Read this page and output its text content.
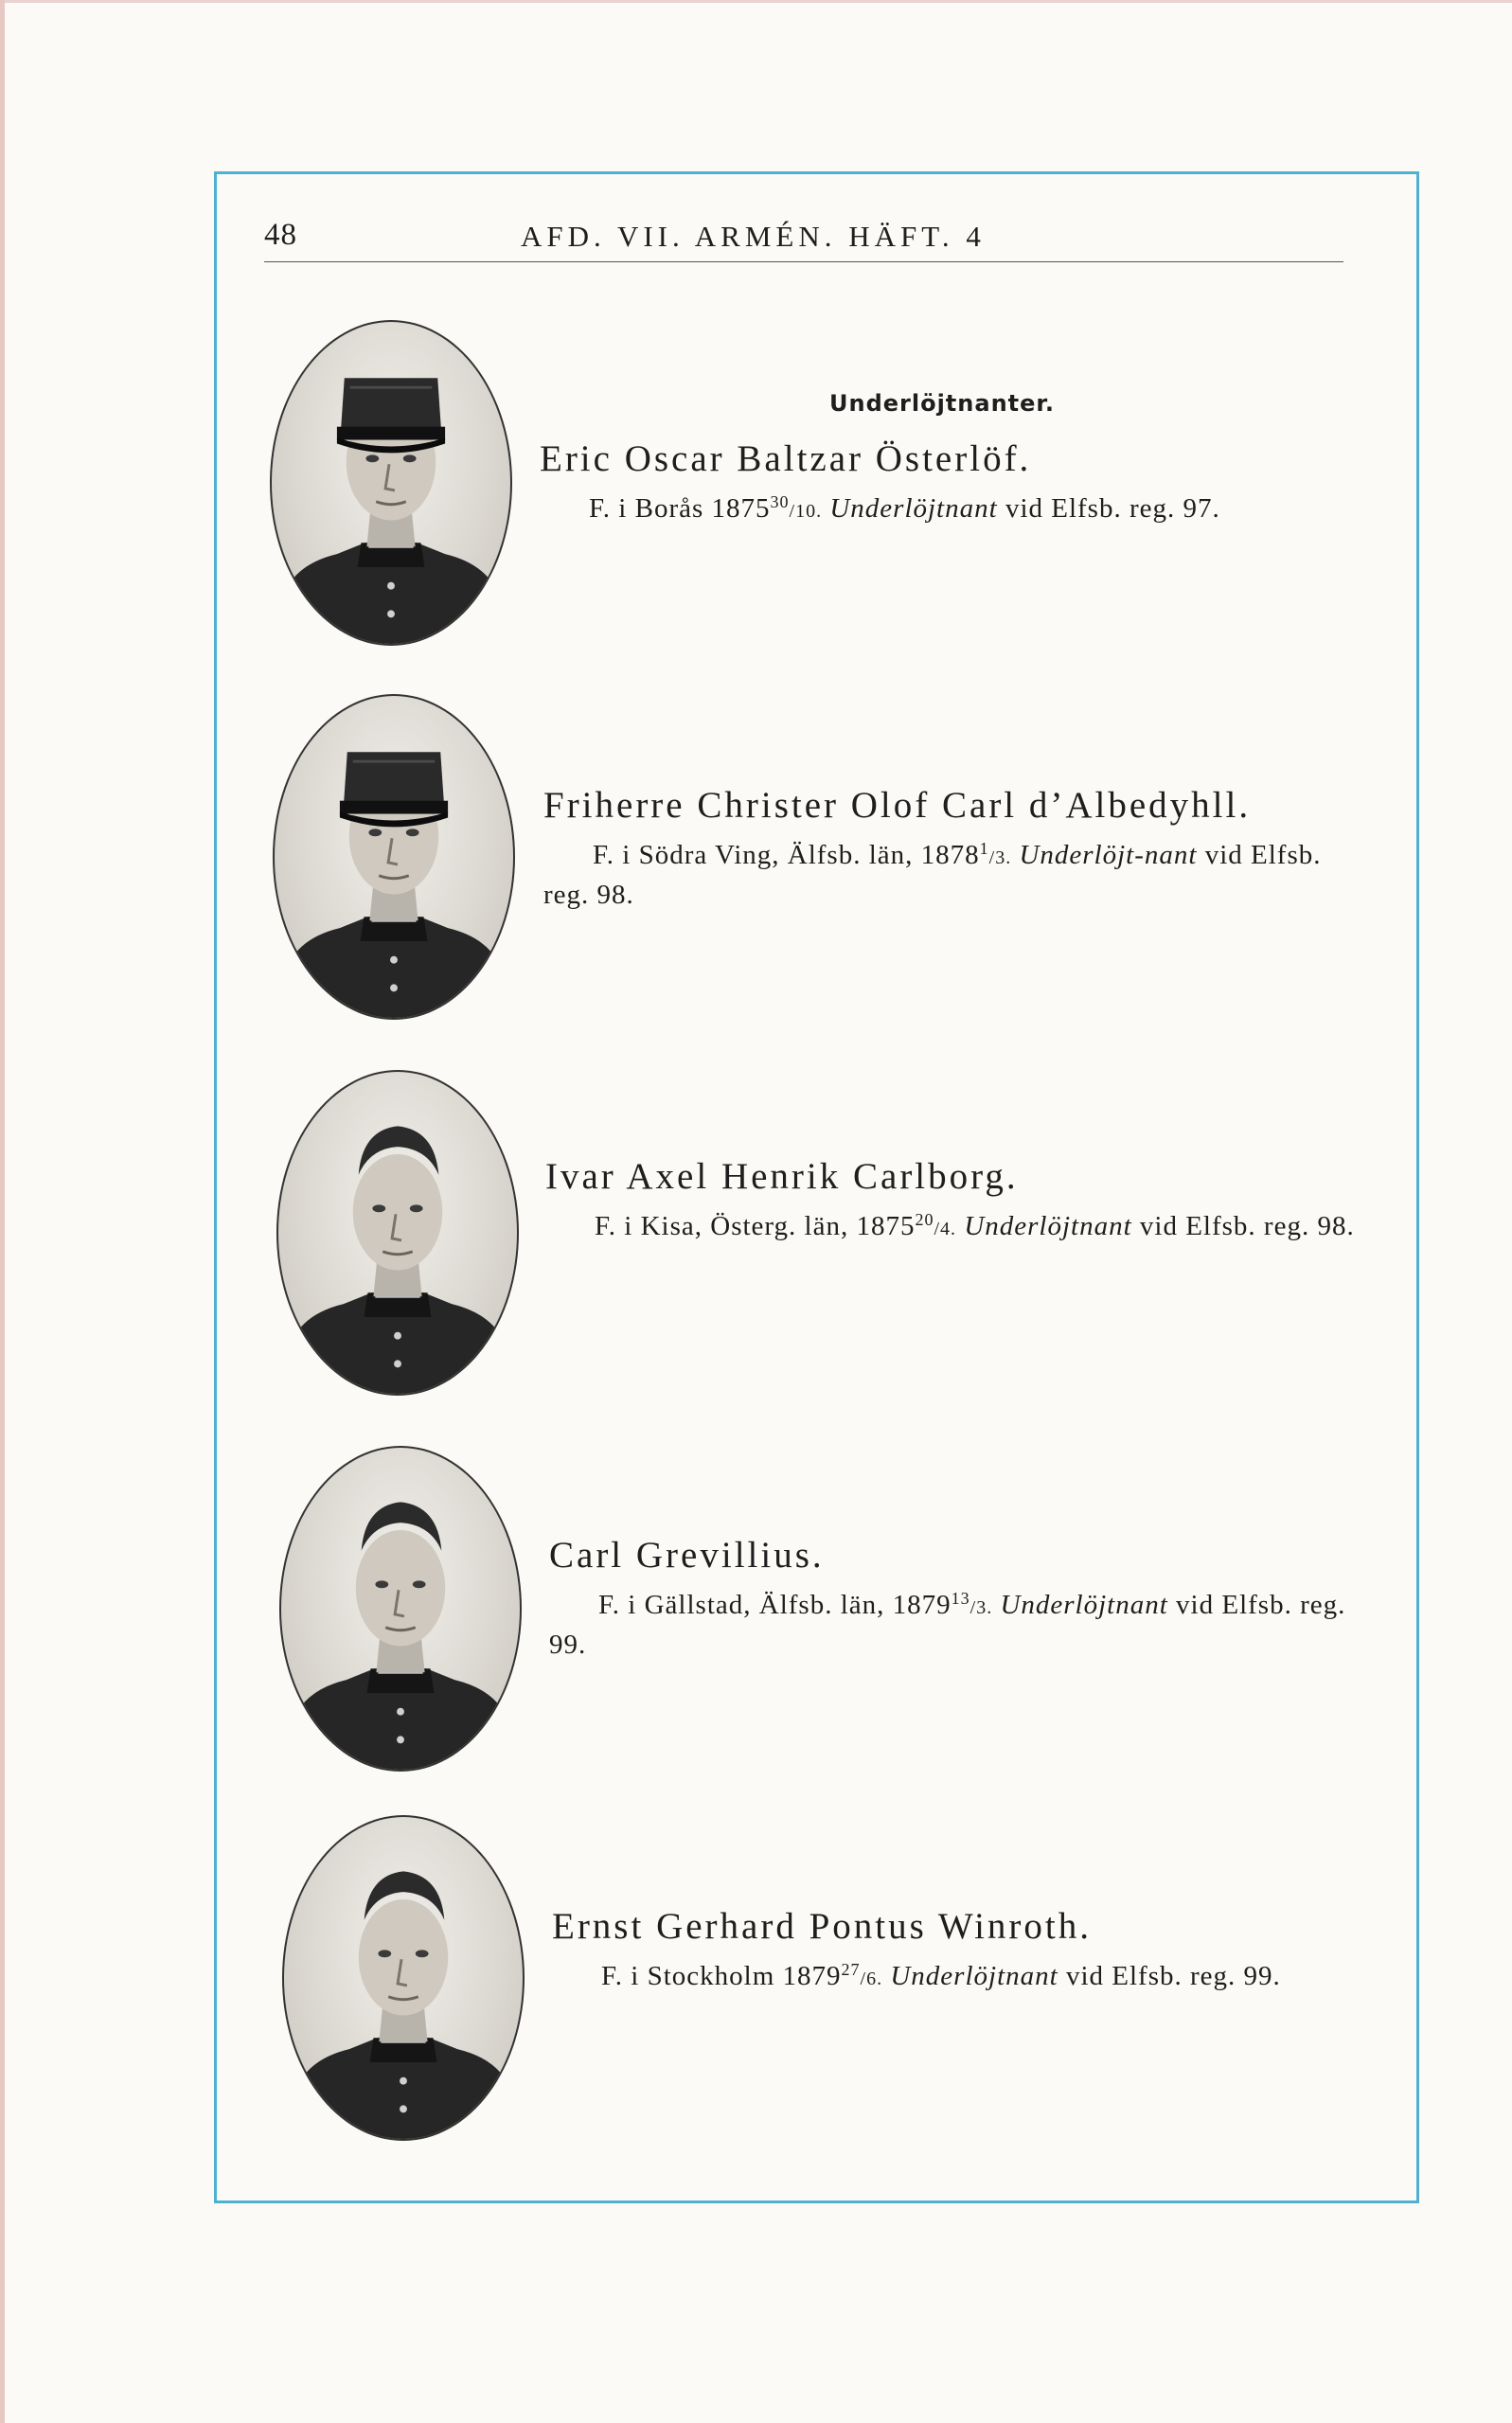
48	AFD. VII. ARMÉN. HÄFT. 4
Underlöjtnanter.
Eric Oscar Baltzar Österlöf.
F. i Borås 1875$^{30}$/10. Underlöjtnant vid Elfsb. reg. 97.
Friherre Christer Olof Carl d’Albedyhll.
F. i Södra Ving, Älfsb. län, 1878$^1$/3. Underlöjt-nant vid Elfsb. reg. 98.
Ivar Axel Henrik Carlborg.
F. i Kisa, Österg. län, 1875$^{20}$/4. Underlöjtnant vid Elfsb. reg. 98.
Carl Grevillius.
F. i Gällstad, Älfsb. län, 1879$^{13}$/3. Underlöjtnant vid Elfsb. reg. 99.
Ernst Gerhard Pontus Winroth.
F. i Stockholm 1879$^{27}$/6. Underlöjtnant vid Elfsb. reg. 99.
